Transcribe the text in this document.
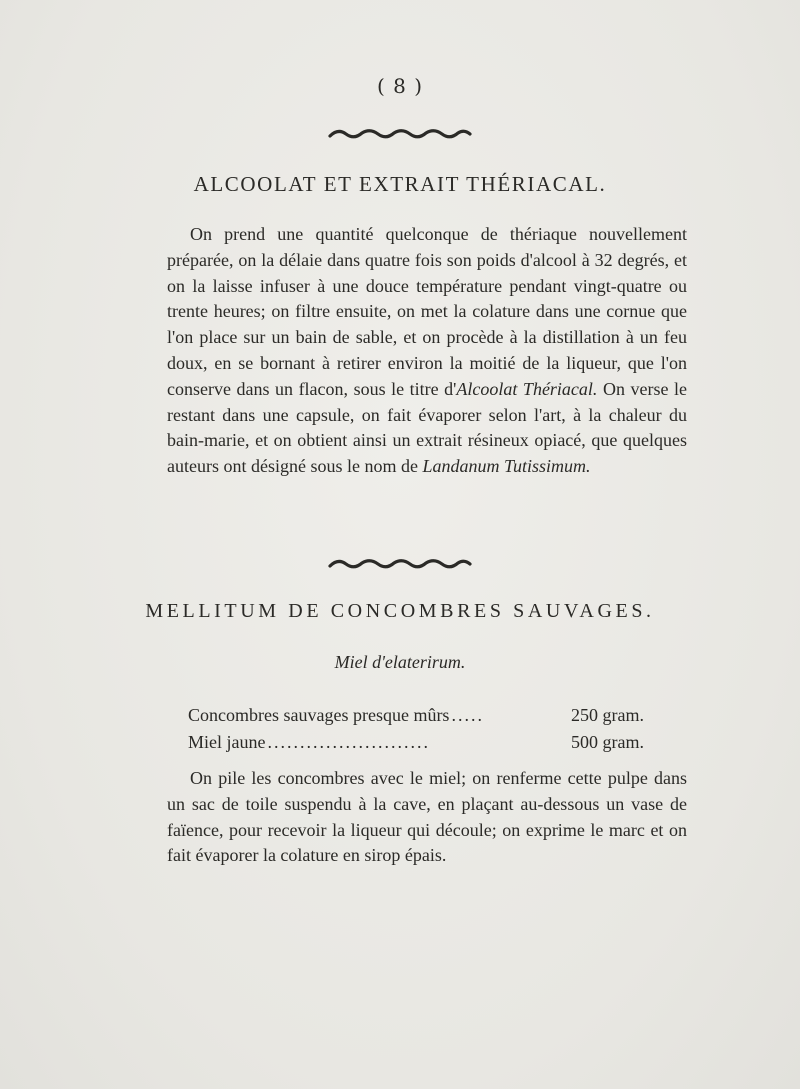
( 8 )
ALCOOLAT ET EXTRAIT THÉRIACAL.
On prend une quantité quelconque de thériaque nouvellement préparée, on la délaie dans quatre fois son poids d'alcool à 32 degrés, et on la laisse infuser à une douce température pendant vingt-quatre ou trente heures; on filtre ensuite, on met la colature dans une cornue que l'on place sur un bain de sable, et on procède à la distillation à un feu doux, en se bornant à retirer environ la moitié de la liqueur, que l'on conserve dans un flacon, sous le titre d'Alcoolat Thériacal. On verse le restant dans une capsule, on fait évaporer selon l'art, à la chaleur du bain-marie, et on obtient ainsi un extrait résineux opiacé, que quelques auteurs ont désigné sous le nom de Landanum Tutissimum.
MELLITUM DE CONCOMBRES SAUVAGES.
Miel d'elaterirum.
Concombres sauvages presque mûrs .....	250 gram.
Miel jaune .........................	500 gram.
On pile les concombres avec le miel; on renferme cette pulpe dans un sac de toile suspendu à la cave, en plaçant au-dessous un vase de faïence, pour recevoir la liqueur qui découle; on exprime le marc et on fait évaporer la colature en sirop épais.
